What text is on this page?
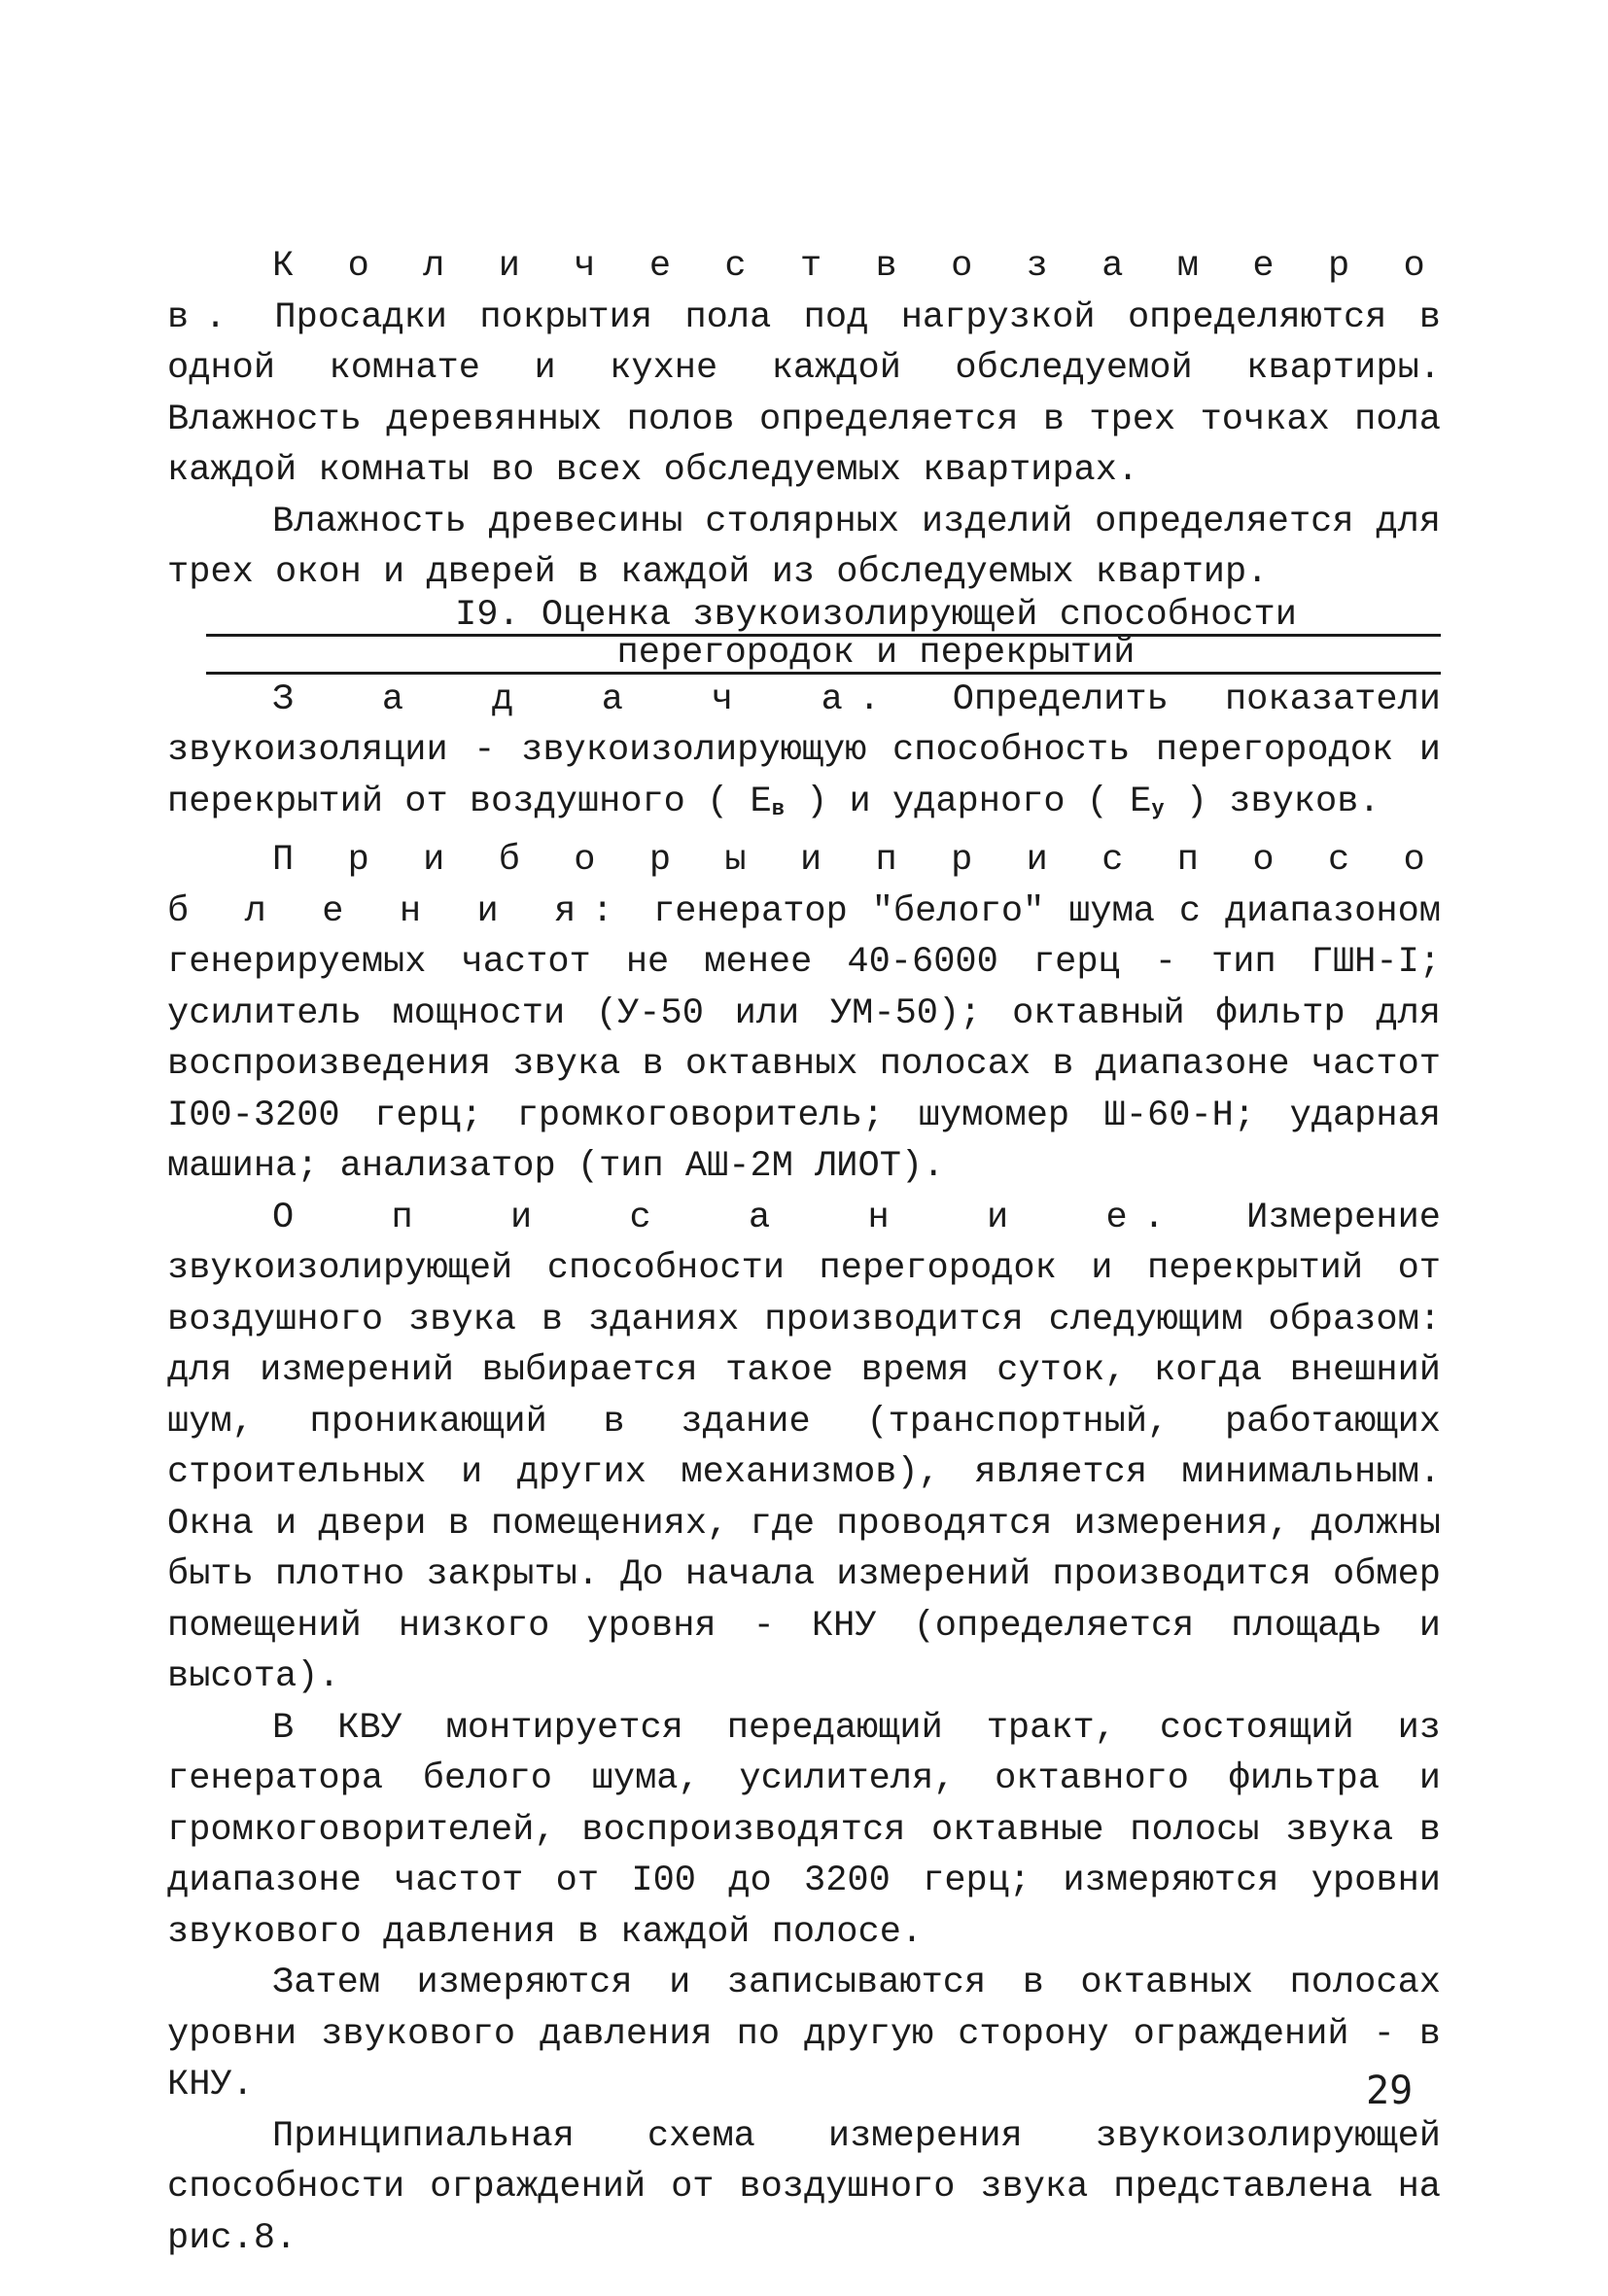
К о л и ч е с т в о з а м е р о в. Просадки покрытия пола под нагрузкой определяются в одной комнате и кухне каждой обследуемой квартиры. Влажность деревянных полов определяется в трех точках пола каждой комнаты во всех обследуемых квартирах.

Влажность древесины столярных изделий определяется для трех окон и дверей в каждой из обследуемых квартир.

I9. Оценка звукоизолирующей способности
перегородок и перекрытий

З а д а ч а. Определить показатели звукоизоляции - звукоизолирующую способность перегородок и перекрытий от воздушного ( Eв ) и ударного ( Eу ) звуков.

П р и б о р ы и п р и с п о с о б л е н и я: генератор "белого" шума с диапазоном генерируемых частот не менее 40-6000 герц - тип ГШН-I; усилитель мощности (У-50 или УМ-50); октавный фильтр для воспроизведения звука в октавных полосах в диапазоне частот I00-3200 герц; громкоговоритель; шумомер Ш-60-Н; ударная машина; анализатор (тип АШ-2М ЛИОТ).

О п и с а н и е. Измерение звукоизолирующей способности перегородок и перекрытий от воздушного звука в зданиях производится следующим образом: для измерений выбирается такое время суток, когда внешний шум, проникающий в здание (транспортный, работающих строительных и других механизмов), является минимальным. Окна и двери в помещениях, где проводятся измерения, должны быть плотно закрыты. До начала измерений производится обмер помещений низкого уровня - КНУ (определяется площадь и высота).

В КВУ монтируется передающий тракт, состоящий из генератора белого шума, усилителя, октавного фильтра и громкоговорителей, воспроизводятся октавные полосы звука в диапазоне частот от I00 до 3200 герц; измеряются уровни звукового давления в каждой полосе.

Затем измеряются и записываются в октавных полосах уровни звукового давления по другую сторону ограждений - в КНУ.

Принципиальная схема измерения звукоизолирующей способности ограждений от воздушного звука представлена на рис.8.

29
